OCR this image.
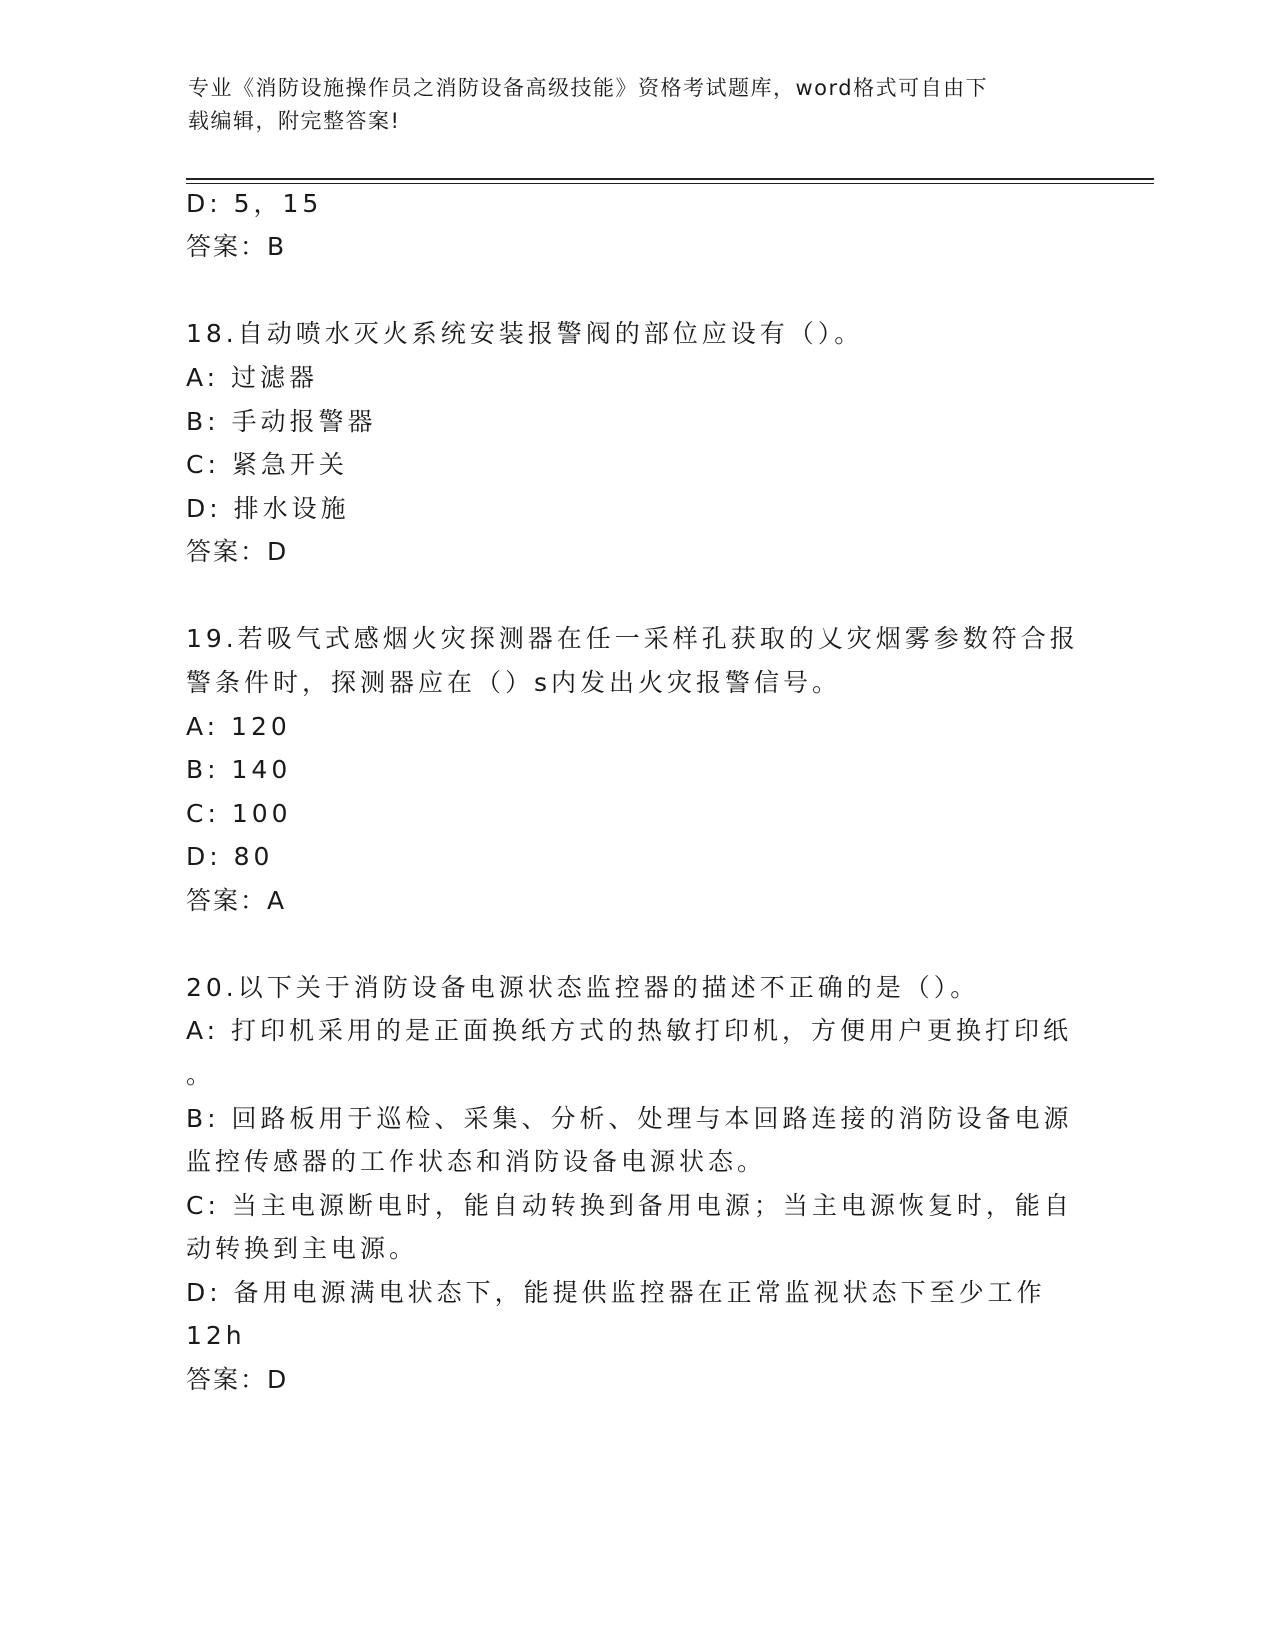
专业《消防设施操作员之消防设备高级技能》资格考试题库，word格式可自由下
载编辑，附完整答案!
D: 5，15
答案：B
18.自动喷水灭火系统安装报警阀的部位应设有（）。
A: 过滤器
B: 手动报警器
C: 紧急开关
D: 排水设施
答案：D
19.若吸气式感烟火灾探测器在任一采样孔获取的乂灾烟雾参数符合报
警条件时，探测器应在（）s内发出火灾报警信号。
A: 120
B: 140
C: 100
D: 80
答案：A
20.以下关于消防设备电源状态监控器的描述不正确的是（）。
A: 打印机采用的是正面换纸方式的热敏打印机，方便用户更换打印纸
。
B: 回路板用于巡检、采集、分析、处理与本回路连接的消防设备电源
监控传感器的工作状态和消防设备电源状态。
C: 当主电源断电时，能自动转换到备用电源；当主电源恢复时，能自
动转换到主电源。
D: 备用电源满电状态下，能提供监控器在正常监视状态下至少工作
12h
答案：D
